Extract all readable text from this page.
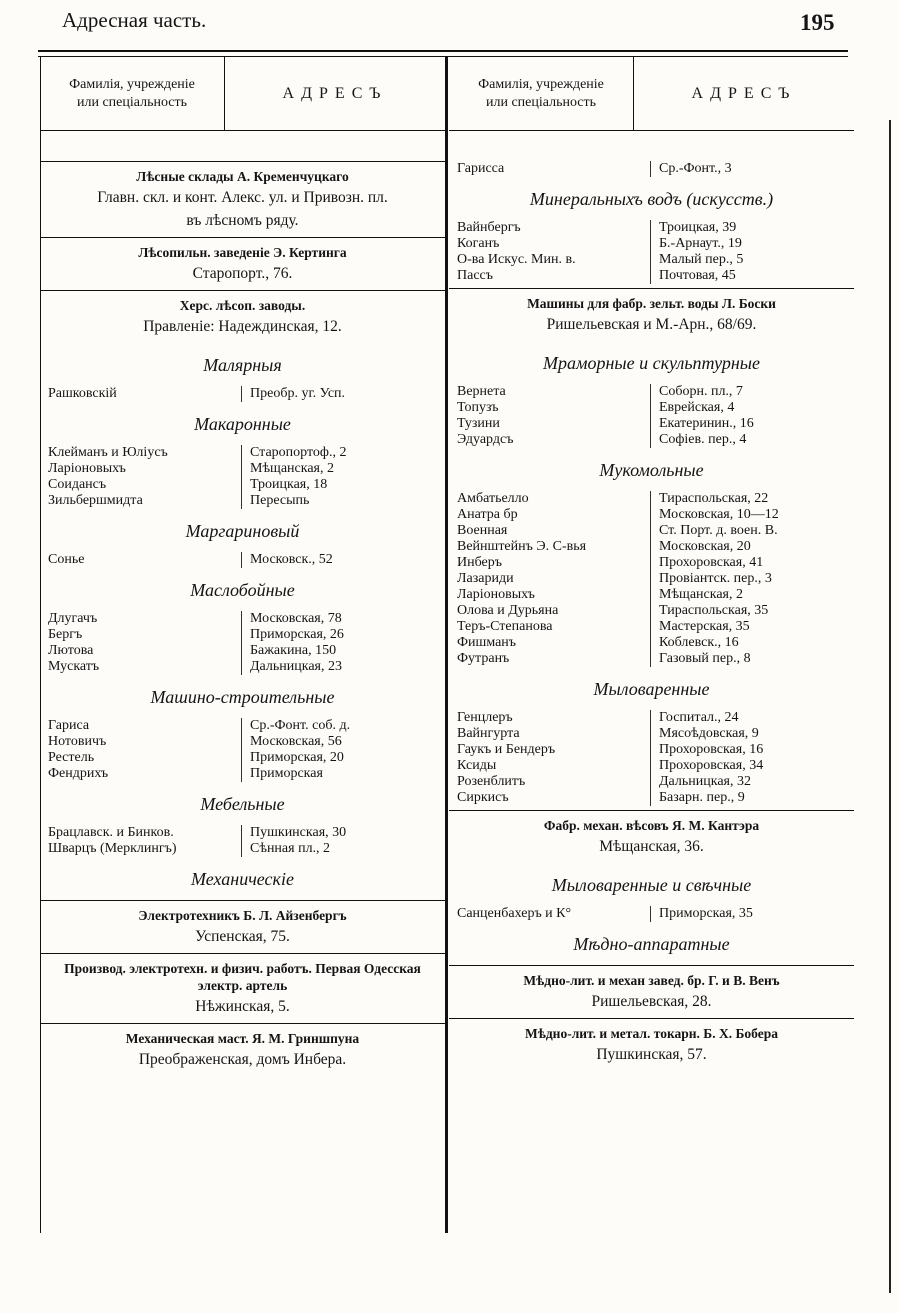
Адресная часть.	195
Фамилія, учрежденіе
или спеціальность
АДРЕСЪ
Лѣсные склады А. Кременчуцкаго
Главн. скл. и конт. Алекс. ул. и Привозн. пл.
въ лѣсномъ ряду.
Лѣсопильн. заведеніе Э. Кертинга
Старопорт., 76.
Херс. лѣсоп. заводы.
Правленіе: Надеждинская, 12.
Малярныя
Рашковскій	Преобр. уг. Усп.
Макаронные
Клейманъ и Юліусъ	Старопортоф., 2
Ларіоновыхъ	Мѣщанская, 2
Соидансъ	Троицкая, 18
Зильбершмидта	Пересыпь
Маргариновый
Сонье	Московск., 52
Маслобойные
Длугачъ	Московская, 78
Бергъ	Приморская, 26
Лютова	Бажакина, 150
Мускатъ	Дальницкая, 23
Машино-строительные
Гариса	Ср.-Фонт. соб. д.
Нотовичъ	Московская, 56
Рестель	Приморская, 20
Фендрихъ	Приморская
Мебельные
Брацлавск. и Бинков.	Пушкинская, 30
Шварцъ (Мерклингъ)	Сѣнная пл., 2
Механическіе
Электротехникъ Б. Л. Айзенбергъ
Успенская, 75.
Производ. электротехн. и физич. работъ. Первая Одесская электр. артель
Нѣжинская, 5.
Механическая маст. Я. М. Гриншпуна
Преображенская, домъ Инбера.
Фамилія, учрежденіе
или спеціальность
АДРЕСЪ
Гарисса	Ср.-Фонт., 3
Минеральныхъ водъ (искусств.)
Вайнбергъ	Троицкая, 39
Коганъ	Б.-Арнаут., 19
О-ва Искус. Мин. в.	Малый пер., 5
Пассъ	Почтовая, 45
Машины для фабр. зельт. воды Л. Боски
Ришельевская и М.-Арн., 68/69.
Мраморные и скульптурные
Вернета	Соборн. пл., 7
Топузъ	Еврейская, 4
Тузини	Екатеринин., 16
Эдуардсъ	Софіев. пер., 4
Мукомольные
Амбатьелло	Тираспольская, 22
Анатра бр	Московская, 10—12
Военная	Ст. Порт. д. воен. В.
Вейнштейнъ Э. С-вья	Московская, 20
Инберъ	Прохоровская, 41
Лазариди	Провіантск. пер., 3
Ларіоновыхъ	Мѣщанская, 2
Олова и Дурьяна	Тираспольская, 35
Теръ-Степанова	Мастерская, 35
Фишманъ	Коблевск., 16
Футранъ	Газовый пер., 8
Мыловаренные
Генцлеръ	Госпитал., 24
Вайнгурта	Мясоѣдовская, 9
Гаукъ и Бендеръ	Прохоровская, 16
Ксиды	Прохоровская, 34
Розенблитъ	Дальницкая, 32
Сиркисъ	Базарн. пер., 9
Фабр. механ. вѣсовъ Я. М. Кантэра
Мѣщанская, 36.
Мыловаренные и свѣчные
Санценбахеръ и К°	Приморская, 35
Мѣдно-аппаратные
Мѣдно-лит. и механ завед. бр. Г. и В. Венъ
Ришельевская, 28.
Мѣдно-лит. и метал. токарн. Б. Х. Бобера
Пушкинская, 57.
